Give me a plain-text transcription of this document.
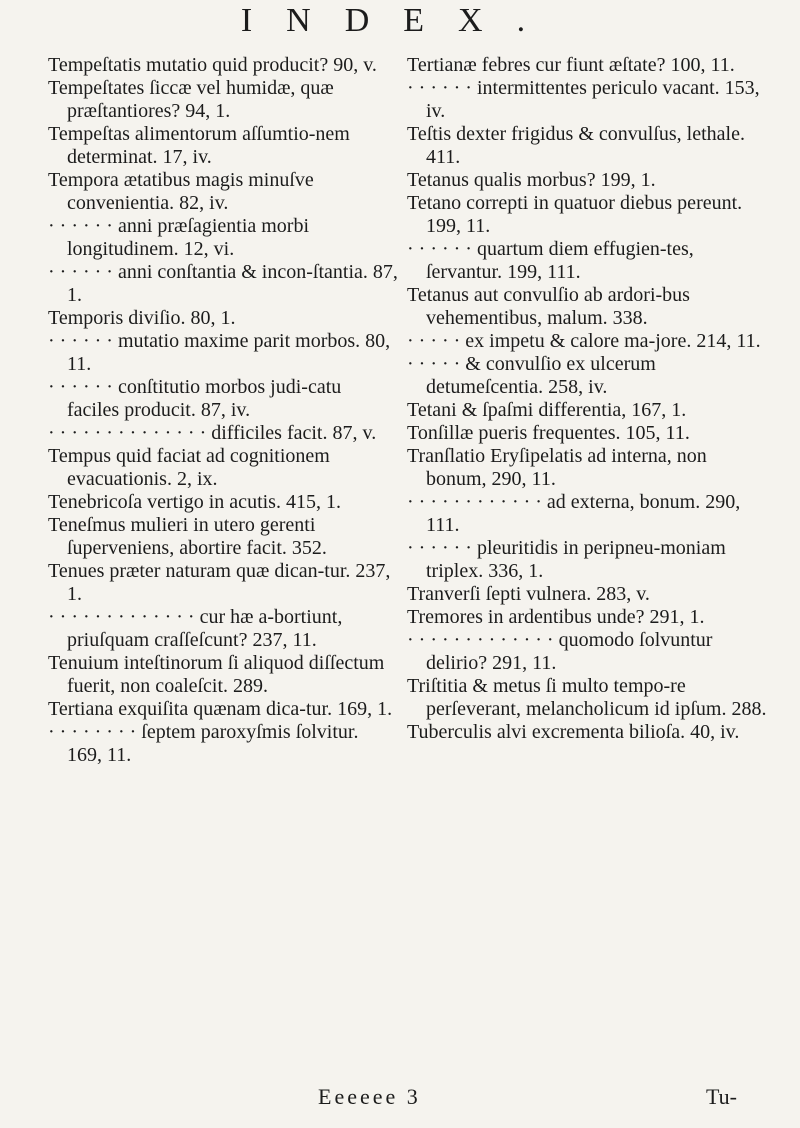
INDEX.

Tempeſtatis mutatio quid producit? 90, v.

Tempeſtates ſiccæ vel humidæ, quæ præſtantiores? 94, 1.

Tempeſtas alimentorum aſſumtio-nem determinat. 17, iv.

Tempora ætatibus magis minuſve convenientia. 82, iv.

· · · · · · anni præſagientia morbi longitudinem. 12, vi.

· · · · · · anni conſtantia & incon-ſtantia. 87, 1.

Temporis diviſio. 80, 1.

· · · · · · mutatio maxime parit morbos. 80, 11.

· · · · · · conſtitutio morbos judi-catu faciles producit. 87, iv.

· · · · · · · · · · · · · · difficiles facit. 87, v.

Tempus quid faciat ad cognitionem evacuationis. 2, ix.

Tenebricoſa vertigo in acutis. 415, 1.

Teneſmus mulieri in utero gerenti ſuperveniens, abortire facit. 352.

Tenues præter naturam quæ dican-tur. 237, 1.

· · · · · · · · · · · · · cur hæ a-bortiunt, priuſquam craſſeſcunt? 237, 11.

Tenuium inteſtinorum ſi aliquod diſſectum fuerit, non coaleſcit. 289.

Tertiana exquiſita quænam dica-tur. 169, 1.

· · · · · · · · ſeptem paroxyſmis ſolvitur. 169, 11.

Tertianæ febres cur fiunt æſtate? 100, 11.

· · · · · · intermittentes periculo vacant. 153, iv.

Teſtis dexter frigidus & convulſus, lethale. 411.

Tetanus qualis morbus? 199, 1.

Tetano correpti in quatuor diebus pereunt. 199, 11.

· · · · · · quartum diem effugien-tes, ſervantur. 199, 111.

Tetanus aut convulſio ab ardori-bus vehementibus, malum. 338.

· · · · · ex impetu & calore ma-jore. 214, 11.

· · · · · & convulſio ex ulcerum detumeſcentia. 258, iv.

Tetani & ſpaſmi differentia, 167, 1.

Tonſillæ pueris frequentes. 105, 11.

Tranſlatio Eryſipelatis ad interna, non bonum, 290, 11.

· · · · · · · · · · · · ad externa, bonum. 290, 111.

· · · · · · pleuritidis in peripneu-moniam triplex. 336, 1.

Tranverſi ſepti vulnera. 283, v.

Tremores in ardentibus unde? 291, 1.

· · · · · · · · · · · · · quomodo ſolvuntur delirio? 291, 11.

Triſtitia & metus ſi multo tempo-re perſeverant, melancholicum id ipſum. 288.

Tuberculis alvi excrementa bilioſa. 40, iv.

Eeeeee 3	Tu-
